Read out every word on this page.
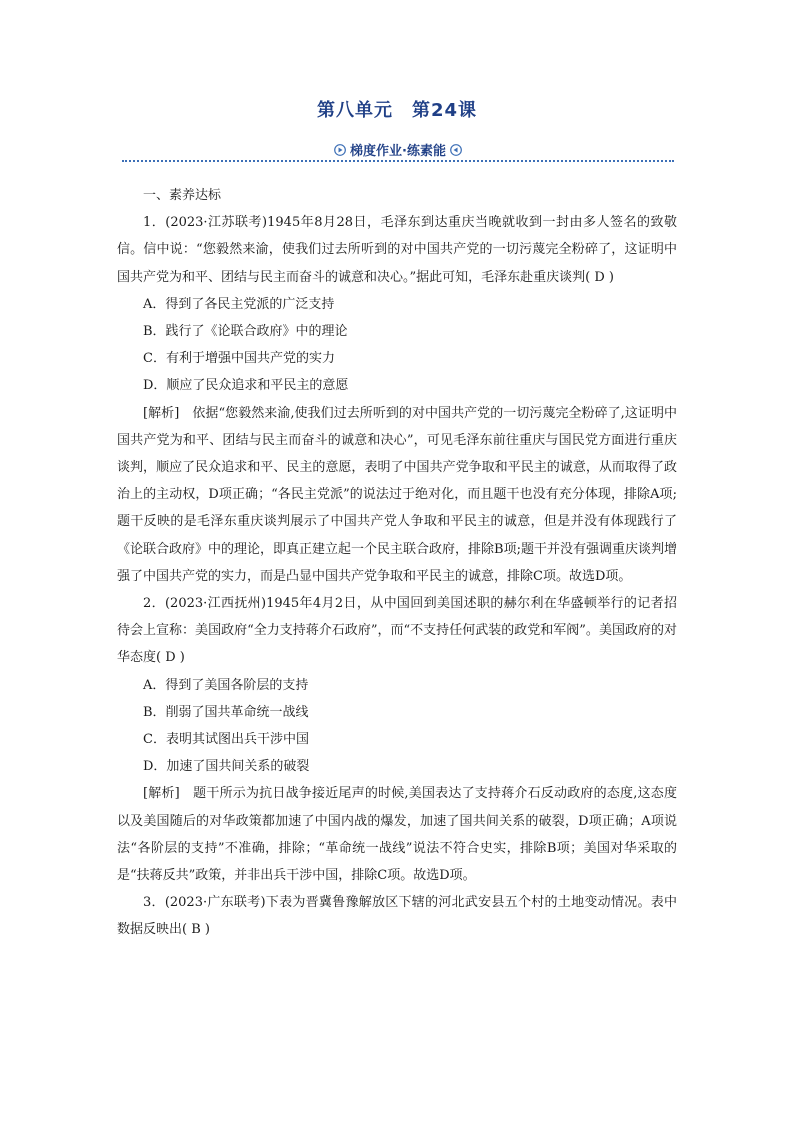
第八单元　第24课
梯度作业·练素能

一、素养达标

1．(2023·江苏联考)1945年8月28日，毛泽东到达重庆当晚就收到一封由多人签名的致敬信。信中说：“您毅然来渝，使我们过去所听到的对中国共产党的一切污蔑完全粉碎了，这证明中国共产党为和平、团结与民主而奋斗的诚意和决心。”据此可知，毛泽东赴重庆谈判( D )

A．得到了各民主党派的广泛支持

B．践行了《论联合政府》中的理论

C．有利于增强中国共产党的实力

D．顺应了民众追求和平民主的意愿

[解析]　依据“您毅然来渝,使我们过去所听到的对中国共产党的一切污蔑完全粉碎了,这证明中国共产党为和平、团结与民主而奋斗的诚意和决心”，可见毛泽东前往重庆与国民党方面进行重庆谈判，顺应了民众追求和平、民主的意愿，表明了中国共产党争取和平民主的诚意，从而取得了政治上的主动权，D项正确；“各民主党派”的说法过于绝对化，而且题干也没有充分体现，排除A项;题干反映的是毛泽东重庆谈判展示了中国共产党人争取和平民主的诚意，但是并没有体现践行了《论联合政府》中的理论，即真正建立起一个民主联合政府，排除B项;题干并没有强调重庆谈判增强了中国共产党的实力，而是凸显中国共产党争取和平民主的诚意，排除C项。故选D项。

2．(2023·江西抚州)1945年4月2日，从中国回到美国述职的赫尔利在华盛顿举行的记者招待会上宣称：美国政府“全力支持蒋介石政府”，而“不支持任何武装的政党和军阀”。美国政府的对华态度( D )

A．得到了美国各阶层的支持

B．削弱了国共革命统一战线

C．表明其试图出兵干涉中国

D．加速了国共间关系的破裂

[解析]　题干所示为抗日战争接近尾声的时候,美国表达了支持蒋介石反动政府的态度,这态度以及美国随后的对华政策都加速了中国内战的爆发，加速了国共间关系的破裂，D项正确；A项说法“各阶层的支持”不准确，排除；“革命统一战线”说法不符合史实，排除B项；美国对华采取的是“扶蒋反共”政策，并非出兵干涉中国，排除C项。故选D项。

3．(2023·广东联考)下表为晋冀鲁豫解放区下辖的河北武安县五个村的土地变动情况。表中数据反映出( B )
